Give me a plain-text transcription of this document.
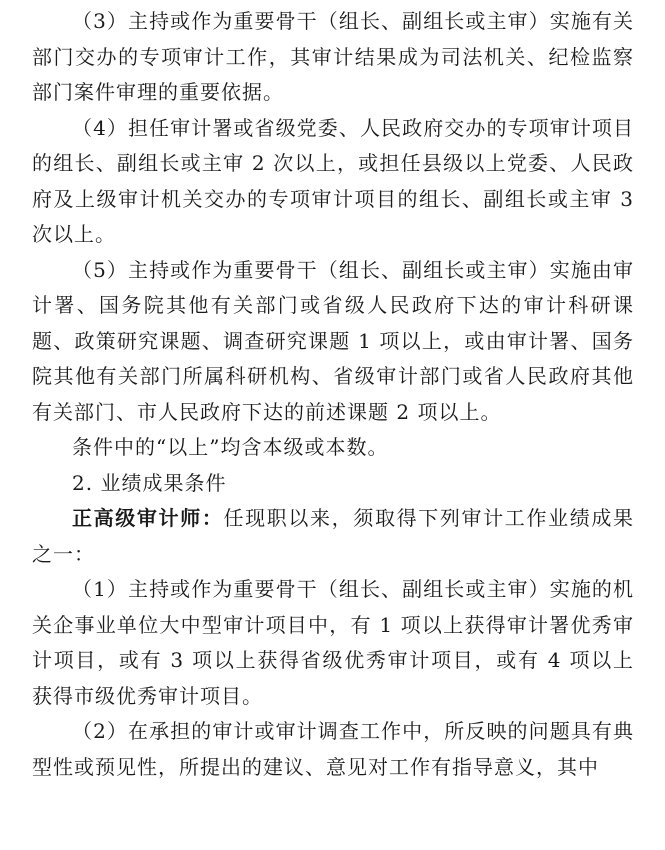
（3）主持或作为重要骨干（组长、副组长或主审）实施有关部门交办的专项审计工作，其审计结果成为司法机关、纪检监察部门案件审理的重要依据。

（4）担任审计署或省级党委、人民政府交办的专项审计项目的组长、副组长或主审 2 次以上，或担任县级以上党委、人民政府及上级审计机关交办的专项审计项目的组长、副组长或主审 3 次以上。

（5）主持或作为重要骨干（组长、副组长或主审）实施由审计署、国务院其他有关部门或省级人民政府下达的审计科研课题、政策研究课题、调查研究课题 1 项以上，或由审计署、国务院其他有关部门所属科研机构、省级审计部门或省人民政府其他有关部门、市人民政府下达的前述课题 2 项以上。

条件中的“以上”均含本级或本数。

2. 业绩成果条件

正高级审计师：任现职以来，须取得下列审计工作业绩成果之一：

（1）主持或作为重要骨干（组长、副组长或主审）实施的机关企事业单位大中型审计项目中，有 1 项以上获得审计署优秀审计项目，或有 3 项以上获得省级优秀审计项目，或有 4 项以上获得市级优秀审计项目。

（2）在承担的审计或审计调查工作中，所反映的问题具有典型性或预见性，所提出的建议、意见对工作有指导意义，其中
